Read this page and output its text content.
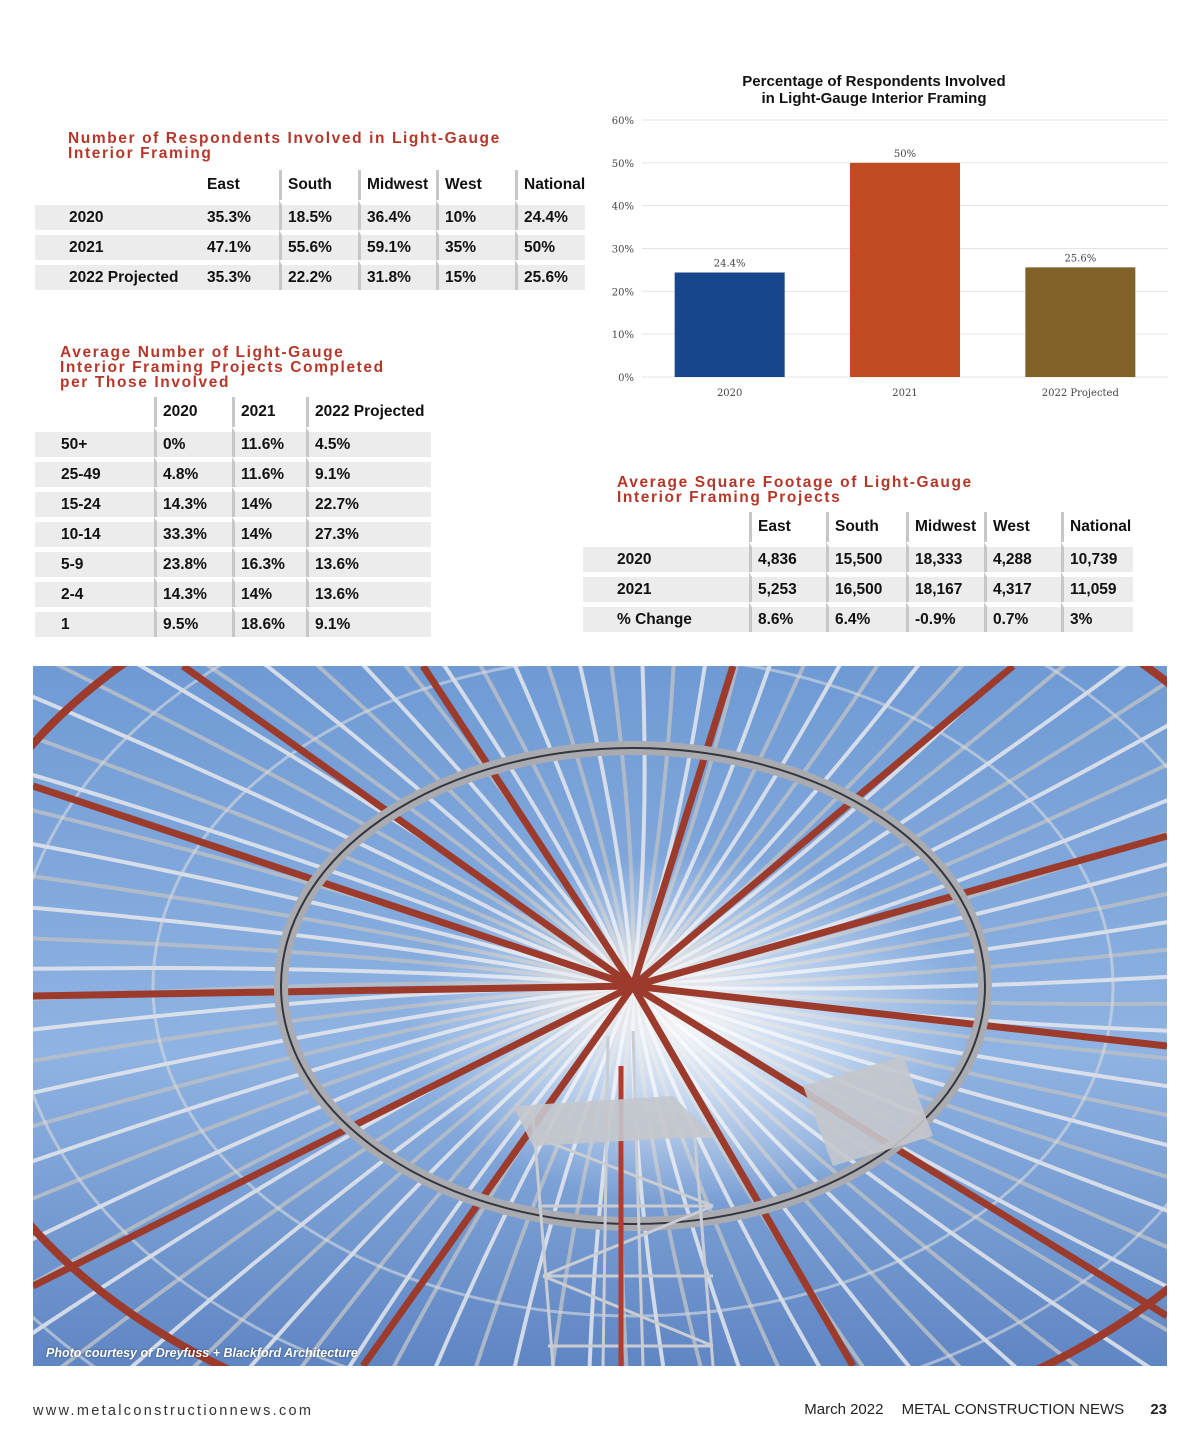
Number of Respondents Involved in Light-Gauge Interior Framing
	East	South	Midwest	West	National
2020	35.3%	18.5%	36.4%	10%	24.4%
2021	47.1%	55.6%	59.1%	35%	50%
2022 Projected	35.3%	22.2%	31.8%	15%	25.6%
Average Number of Light-Gauge Interior Framing Projects Completed per Those Involved
	2020	2021	2022 Projected
50+	0%	11.6%	4.5%
25-49	4.8%	11.6%	9.1%
15-24	14.3%	14%	22.7%
10-14	33.3%	14%	27.3%
5-9	23.8%	16.3%	13.6%
2-4	14.3%	14%	13.6%
1	9.5%	18.6%	9.1%
Percentage of Respondents Involved
in Light-Gauge Interior Framing
0%
10%
20%
30%
40%
50%
60%
24.4%
2020
50%
2021
25.6%
2022 Projected
Average Square Footage of Light-Gauge Interior Framing Projects
	East	South	Midwest	West	National
2020	4,836	15,500	18,333	4,288	10,739
2021	5,253	16,500	18,167	4,317	11,059
% Change	8.6%	6.4%	-0.9%	0.7%	3%
Photo courtesy of Dreyfuss + Blackford Architecture
www.metalconstructionnews.com	March 2022 METAL CONSTRUCTION NEWS 23
